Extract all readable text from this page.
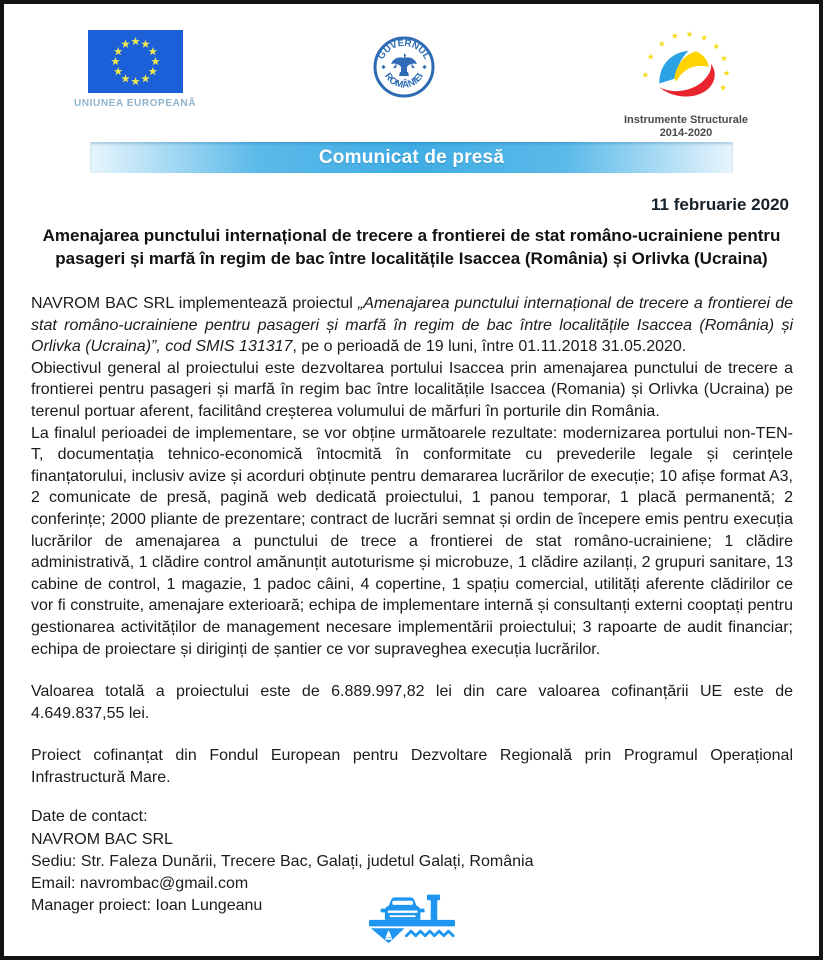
UNIUNEA EUROPEANĂ
GUVERNUL
ROMÂNIEI
Instrumente Structurale
2014-2020
Comunicat de presă
11 februarie 2020
Amenajarea punctului internațional de trecere a frontierei de stat româno-ucrainiene pentru pasageri și marfă în regim de bac între localitățile Isaccea (România) și Orlivka (Ucraina)

NAVROM BAC SRL implementează proiectul „Amenajarea punctului internațional de trecere a frontierei de stat româno-ucrainiene pentru pasageri și marfă în regim de bac între localitățile Isaccea (România) și Orlivka (Ucraina)”, cod SMIS 131317, pe o perioadă de 19 luni, între 01.11.2018 31.05.2020.

Obiectivul general al proiectului este dezvoltarea portului Isaccea prin amenajarea punctului de trecere a frontierei pentru pasageri și marfă în regim bac între localitățile Isaccea (Romania) și Orlivka (Ucraina) pe terenul portuar aferent, facilitând creșterea volumului de mărfuri în porturile din România.

La finalul perioadei de implementare, se vor obține următoarele rezultate: modernizarea portului non-TEN-T, documentația tehnico-economică întocmită în conformitate cu prevederile legale și cerințele finanțatorului, inclusiv avize și acorduri obținute pentru demararea lucrărilor de execuție; 10 afișe format A3, 2 comunicate de presă, pagină web dedicată proiectului, 1 panou temporar, 1 placă permanentă; 2 conferințe; 2000 pliante de prezentare; contract de lucrări semnat și ordin de începere emis pentru execuția lucrărilor de amenajarea a punctului de trece a frontierei de stat româno-ucrainiene; 1 clădire administrativă, 1 clădire control amănunțit autoturisme și microbuze, 1 clădire azilanți, 2 grupuri sanitare, 13 cabine de control, 1 magazie, 1 padoc câini, 4 copertine, 1 spațiu comercial, utilități aferente clădirilor ce vor fi construite, amenajare exterioară; echipa de implementare internă și consultanți externi cooptați pentru gestionarea activităților de management necesare implementării proiectului; 3 rapoarte de audit financiar; echipa de proiectare și diriginți de șantier ce vor supraveghea execuția lucrărilor.

Valoarea totală a proiectului este de 6.889.997,82 lei din care valoarea cofinanțării UE este de 4.649.837,55 lei.

Proiect cofinanțat din Fondul European pentru Dezvoltare Regională prin Programul Operațional Infrastructură Mare.

Date de contact:
NAVROM BAC SRL
Sediu: Str. Faleza Dunării, Trecere Bac, Galați, judetul Galați, România
Email: navrombac@gmail.com
Manager proiect: Ioan Lungeanu
